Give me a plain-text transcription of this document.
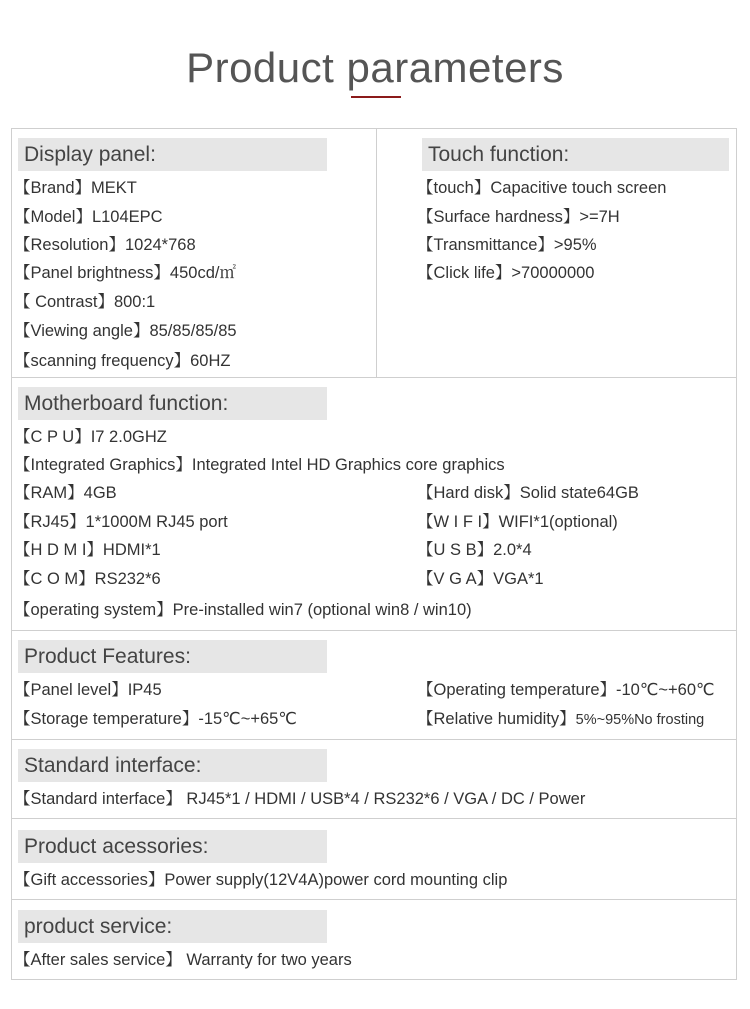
Product parameters
Display panel:
【Brand】MEKT
【Model】L104EPC
【Resolution】1024*768
【Panel brightness】450cd/㎡
【 Contrast】800:1
【Viewing angle】85/85/85/85
【scanning frequency】60HZ
Touch function:
【touch】Capacitive touch screen
【Surface hardness】>=7H
【Transmittance】>95%
【Click life】>70000000
Motherboard function:
【C P U】I7 2.0GHZ
【Integrated Graphics】Integrated Intel HD Graphics core graphics
【RAM】4GB
【RJ45】1*1000M RJ45 port
【H D M I】HDMI*1
【C O M】RS232*6
【Hard disk】Solid state64GB
【W I F I】WIFI*1(optional)
【U S B】2.0*4
【V G A】VGA*1
【operating system】Pre-installed win7 (optional win8 / win10)
Product Features:
【Panel level】IP45
【Storage temperature】-15℃~+65℃
【Operating temperature】-10℃~+60℃
【Relative humidity】5%~95%No frosting
Standard interface:
【Standard interface】 RJ45*1 / HDMI / USB*4 / RS232*6 / VGA / DC / Power
Product acessories:
【Gift accessories】Power supply(12V4A)power cord mounting clip
product service:
【After sales service】 Warranty for two years
